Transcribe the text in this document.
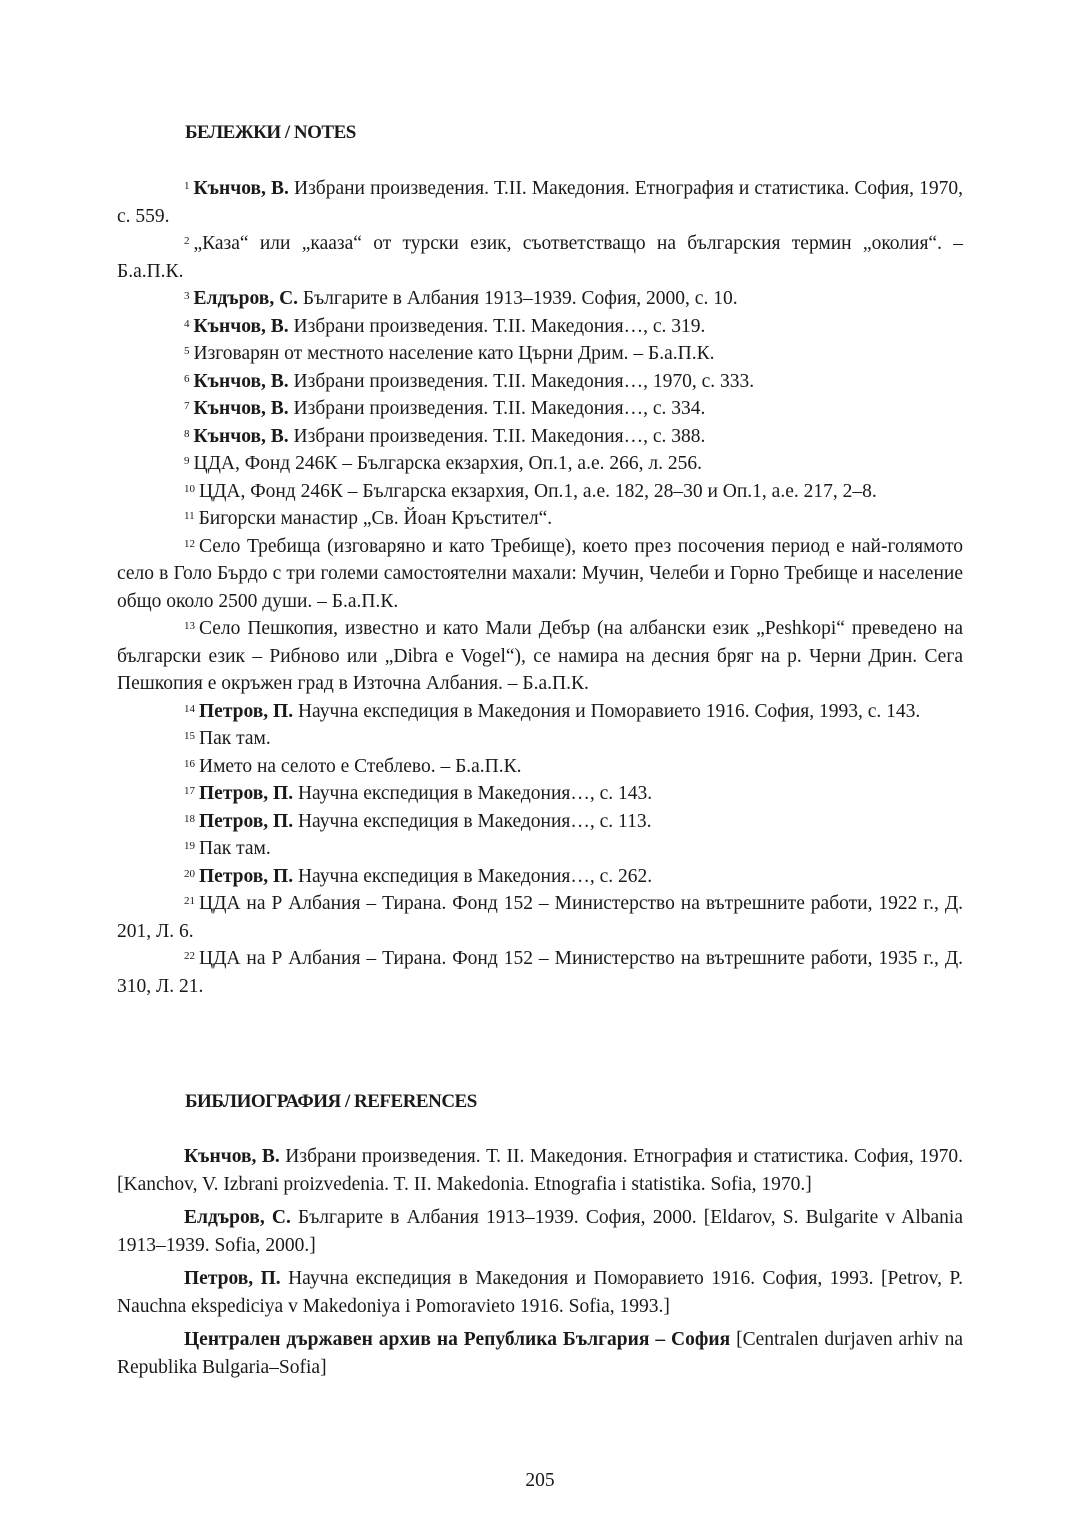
БЕЛЕЖКИ / NOTES

$^1$ Кънчов, В. Избрани произведения. Т.II. Македония. Етнография и статистика. София, 1970, с. 559.

$^2$ „Каза“ или „кааза“ от турски език, съответстващо на българския термин „околия“. – Б.а.П.К.

$^3$ Елдъров, С. Българите в Албания 1913–1939. София, 2000, с. 10.

$^4$ Кънчов, В. Избрани произведения. Т.II. Македония…, с. 319.

$^5$ Изговарян от местното население като Църни Дрим. – Б.а.П.К.

$^6$ Кънчов, В. Избрани произведения. Т.II. Македония…, 1970, с. 333.

$^7$ Кънчов, В. Избрани произведения. Т.II. Македония…, с. 334.

$^8$ Кънчов, В. Избрани произведения. Т.II. Македония…, с. 388.

$^9$ ЦДА, Фонд 246К – Българска екзархия, Оп.1, а.е. 266, л. 256.

$^{10}$ ЦДА, Фонд 246К – Българска екзархия, Оп.1, а.е. 182, 28–30 и Оп.1, а.е. 217, 2–8.

$^{11}$ Бигорски манастир „Св. Йоан Кръстител“.

$^{12}$ Село Требища (изговаряно и като Требище), което през посочения период е най-голямото село в Голо Бърдо с три големи самостоятелни махали: Мучин, Челеби и Горно Требище и население общо около 2500 души. – Б.а.П.К.

$^{13}$ Село Пешкопия, известно и като Мали Дебър (на албански език „Peshkopi“ преведено на български език – Рибново или „Dibra e Vogel“), се намира на десния бряг на р. Черни Дрин. Сега Пешкопия е окръжен град в Източна Албания. – Б.а.П.К.

$^{14}$ Петров, П. Научна експедиция в Македония и Поморавието 1916. София, 1993, с. 143.

$^{15}$ Пак там.

$^{16}$ Името на селото е Стеблево. – Б.а.П.К.

$^{17}$ Петров, П. Научна експедиция в Македония…, с. 143.

$^{18}$ Петров, П. Научна експедиция в Македония…, с. 113.

$^{19}$ Пак там.

$^{20}$ Петров, П. Научна експедиция в Македония…, с. 262.

$^{21}$ ЦДА на Р Албания – Тирана. Фонд 152 – Министерство на вътрешните работи, 1922 г., Д. 201, Л. 6.

$^{22}$ ЦДА на Р Албания – Тирана. Фонд 152 – Министерство на вътрешните работи, 1935 г., Д. 310, Л. 21.

БИБЛИОГРАФИЯ / REFERENCES

Кънчов, В. Избрани произведения. Т. II. Македония. Етнография и статистика. София, 1970. [Kanchov, V. Izbrani proizvedenia. T. II. Makedonia. Etnografia i statistika. Sofia, 1970.]

Елдъров, С. Българите в Албания 1913–1939. София, 2000. [Eldarov, S. Bulgarite v Albania 1913–1939. Sofia, 2000.]

Петров, П. Научна експедиция в Македония и Поморавието 1916. София, 1993. [Petrov, P. Nauchna ekspediciya v Makedoniya i Pomoravieto 1916. Sofia, 1993.]

Централен държавен архив на Република България – София [Centralen durjaven arhiv na Republika Bulgaria–Sofia]

205
